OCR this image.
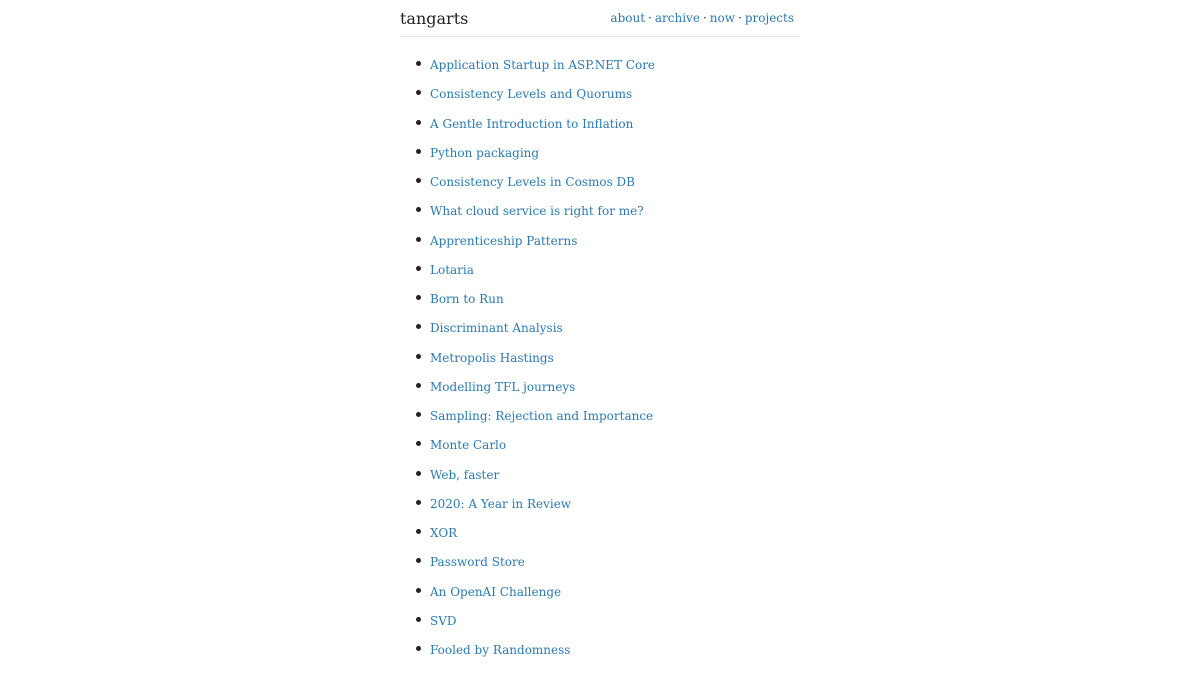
tangarts	about · archive · now · projects
Application Startup in ASP.NET Core
Consistency Levels and Quorums
A Gentle Introduction to Inflation
Python packaging
Consistency Levels in Cosmos DB
What cloud service is right for me?
Apprenticeship Patterns
Lotaria
Born to Run
Discriminant Analysis
Metropolis Hastings
Modelling TFL journeys
Sampling: Rejection and Importance
Monte Carlo
Web, faster
2020: A Year in Review
XOR
Password Store
An OpenAI Challenge
SVD
Fooled by Randomness
